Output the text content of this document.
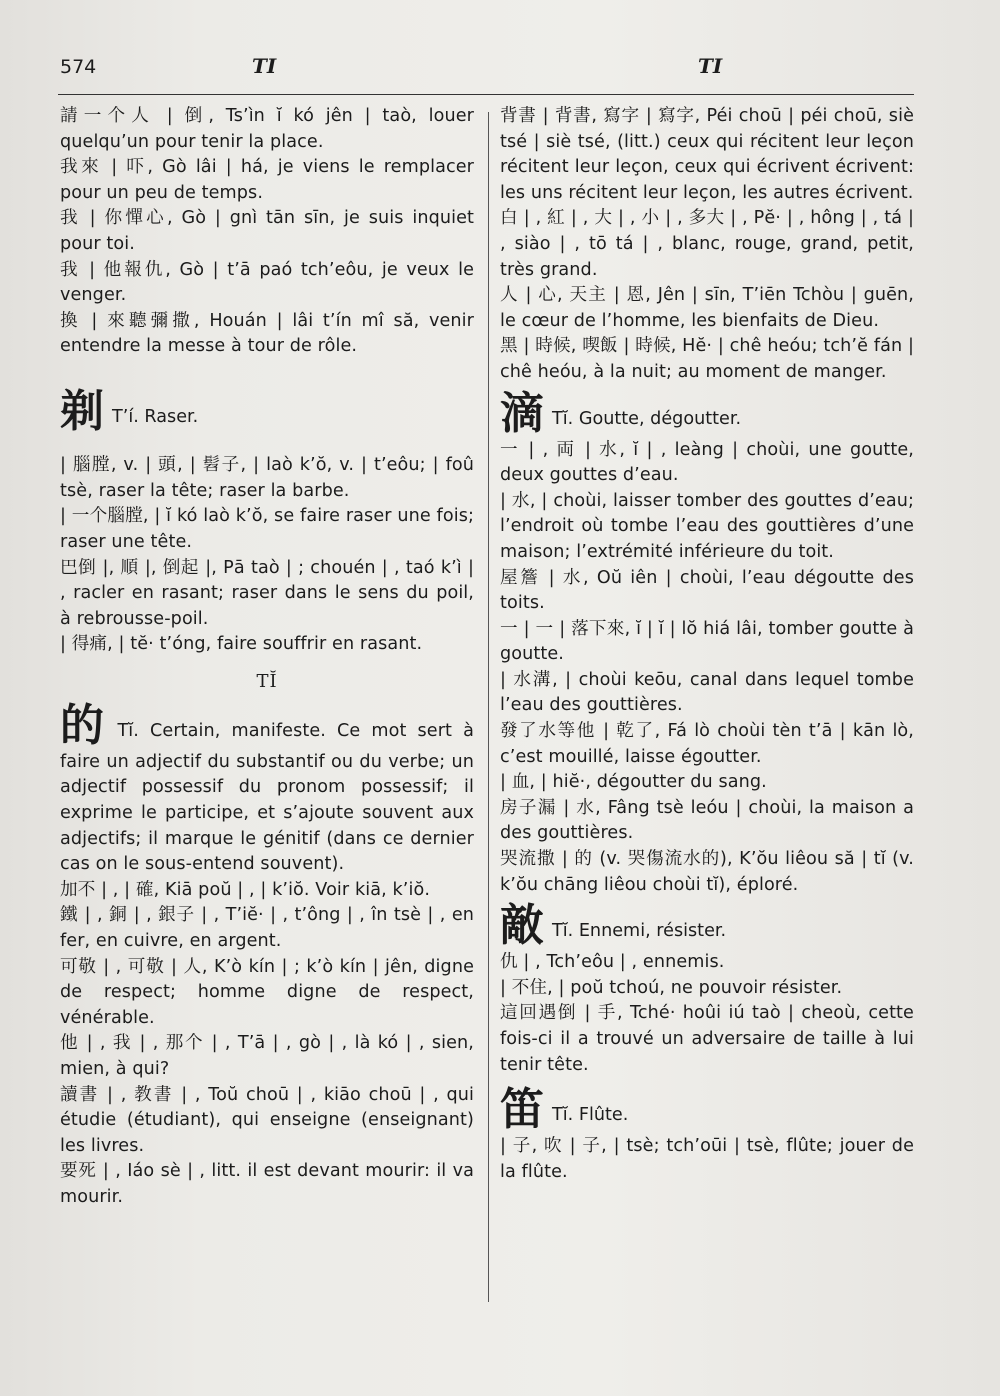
574	TI	TI

請一个人 | 倒, Ts’ìn ĭ kó jên | taò, louer quelqu’un pour tenir la place.

我來 | 吓, Gò lâi | há, je viens le remplacer pour un peu de temps.

我 | 你憚心, Gò | gnì tān sīn, je suis inquiet pour toi.

我 | 他報仇, Gò | t’ā paó tch’eôu, je veux le venger.

換 | 來聽彌撒, Houán | lâi t’ín mî să, venir entendre la messe à tour de rôle.

剃 T’í. Raser.

| 腦膛, v. | 頭, | 髫子, | laò k’ŏ, v. | t’eôu; | foû tsè, raser la tête; raser la barbe.

| 一个腦膛, | ĭ kó laò k’ŏ, se faire raser une fois; raser une tête.

巴倒 |, 順 |, 倒起 |, Pā taò | ; chouén | , taó k’ì | , racler en rasant; raser dans le sens du poil, à rebrousse-poil.

| 得痛, | tĕ· t’óng, faire souffrir en rasant.

TĬ

的 Tĭ. Certain, manifeste. Ce mot sert à faire un adjectif du substantif ou du verbe; un adjectif possessif du pronom possessif; il exprime le participe, et s’ajoute souvent aux adjectifs; il marque le génitif (dans ce dernier cas on le sous-entend souvent).

加不 | , | 確, Kiā poŭ | , | k’iŏ. Voir kiā, k’iŏ.

鐵 | , 銅 | , 銀子 | , T’iĕ· | , t’ông | , în tsè | , en fer, en cuivre, en argent.

可敬 | , 可敬 | 人, K’ò kín | ; k’ò kín | jên, digne de respect; homme digne de respect, vénérable.

他 | , 我 | , 那个 | , T’ā | , gò | , là kó | , sien, mien, à qui?

讀書 | , 教書 | , Toŭ choū | , kiāo choū | , qui étudie (étudiant), qui enseigne (enseignant) les livres.

要死 | , Iáo sè | , litt. il est devant mourir: il va mourir.

背書 | 背書, 寫字 | 寫字, Péi choū | péi choū, siè tsé | siè tsé, (litt.) ceux qui récitent leur leçon récitent leur leçon, ceux qui écrivent écrivent: les uns récitent leur leçon, les autres écrivent.

白 | , 紅 | , 大 | , 小 | , 多大 | , Pĕ· | , hông | , tá | , siào | , tō tá | , blanc, rouge, grand, petit, très grand.

人 | 心, 天主 | 恩, Jên | sīn, T’iēn Tchòu | guēn, le cœur de l’homme, les bienfaits de Dieu.

黑 | 時候, 喫飯 | 時候, Hĕ· | chê heóu; tch’ĕ fán | chê heóu, à la nuit; au moment de manger.

滴 Tĭ. Goutte, dégoutter.

一 | , 両 | 水, ĭ | , leàng | choùi, une goutte, deux gouttes d’eau.

| 水, | choùi, laisser tomber des gouttes d’eau; l’endroit où tombe l’eau des gouttières d’une maison; l’extrémité inférieure du toit.

屋簷 | 水, Oŭ iên | choùi, l’eau dégoutte des toits.

一 | 一 | 落下來, ĭ | ĭ | lŏ hiá lâi, tomber goutte à goutte.

| 水溝, | choùi keōu, canal dans lequel tombe l’eau des gouttières.

發了水等他 | 乾了, Fá lò choùi tèn t’ā | kān lò, c’est mouillé, laisse égoutter.

| 血, | hiĕ·, dégoutter du sang.

房子漏 | 水, Fâng tsè leóu | choùi, la maison a des gouttières.

哭流撒 | 的 (v. 哭傷流水的), K’ŏu liêou să | tĭ (v. k’ŏu chāng liêou choùi tĭ), éploré.

敵 Tĭ. Ennemi, résister.

仇 | , Tch’eôu | , ennemis.

| 不住, | poŭ tchoú, ne pouvoir résister.

這回遇倒 | 手, Tché· hoûi iú taò | cheoù, cette fois-ci il a trouvé un adversaire de taille à lui tenir tête.

笛 Tĭ. Flûte.

| 子, 吹 | 子, | tsè; tch’oūi | tsè, flûte; jouer de la flûte.
